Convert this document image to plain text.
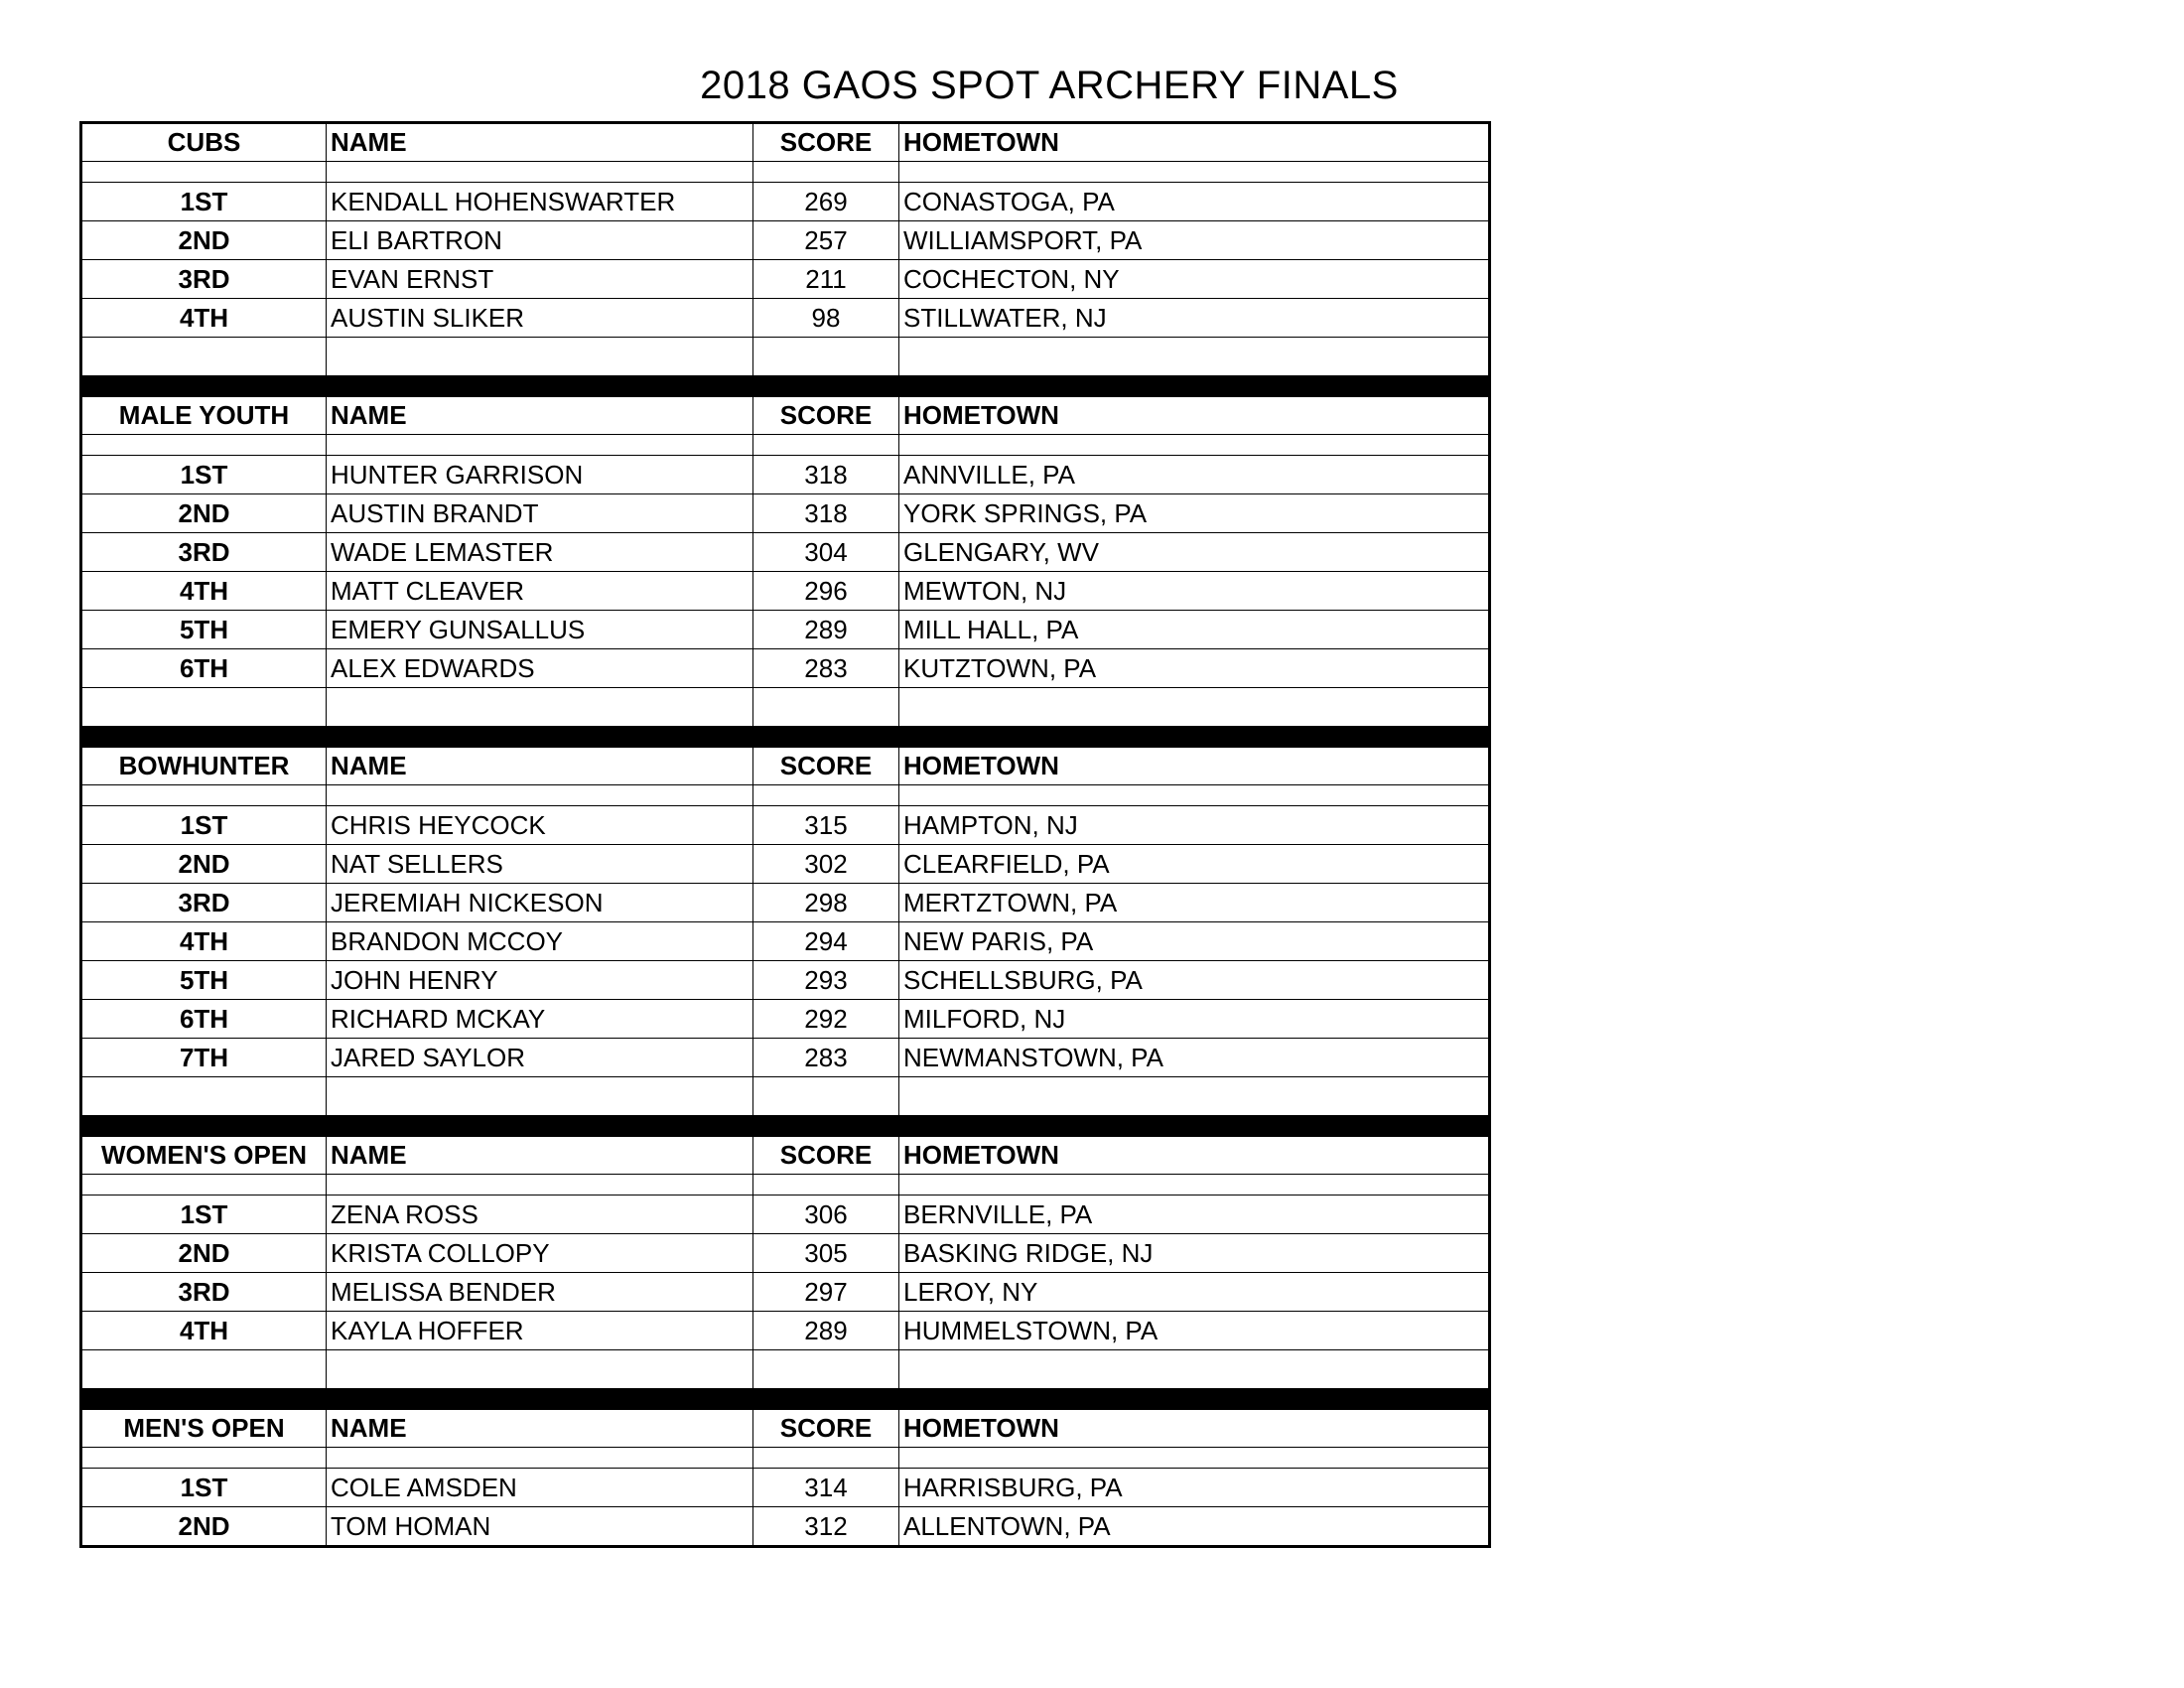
2018 GAOS SPOT ARCHERY FINALS
CUBS	NAME	SCORE	HOMETOWN

1ST	KENDALL HOHENSWARTER	269	CONASTOGA, PA
2ND	ELI BARTRON	257	WILLIAMSPORT, PA
3RD	EVAN ERNST	211	COCHECTON, NY
4TH	AUSTIN SLIKER	98	STILLWATER, NJ

MALE YOUTH	NAME	SCORE	HOMETOWN

1ST	HUNTER GARRISON	318	ANNVILLE, PA
2ND	AUSTIN BRANDT	318	YORK SPRINGS, PA
3RD	WADE LEMASTER	304	GLENGARY, WV
4TH	MATT CLEAVER	296	MEWTON, NJ
5TH	EMERY GUNSALLUS	289	MILL HALL, PA
6TH	ALEX EDWARDS	283	KUTZTOWN, PA

BOWHUNTER	NAME	SCORE	HOMETOWN

1ST	CHRIS HEYCOCK	315	HAMPTON, NJ
2ND	NAT SELLERS	302	CLEARFIELD, PA
3RD	JEREMIAH NICKESON	298	MERTZTOWN, PA
4TH	BRANDON MCCOY	294	NEW PARIS, PA
5TH	JOHN HENRY	293	SCHELLSBURG, PA
6TH	RICHARD MCKAY	292	MILFORD, NJ
7TH	JARED SAYLOR	283	NEWMANSTOWN, PA

WOMEN'S OPEN	NAME	SCORE	HOMETOWN

1ST	ZENA ROSS	306	BERNVILLE, PA
2ND	KRISTA COLLOPY	305	BASKING RIDGE, NJ
3RD	MELISSA BENDER	297	LEROY, NY
4TH	KAYLA HOFFER	289	HUMMELSTOWN, PA

MEN'S OPEN	NAME	SCORE	HOMETOWN

1ST	COLE AMSDEN	314	HARRISBURG, PA
2ND	TOM HOMAN	312	ALLENTOWN, PA
